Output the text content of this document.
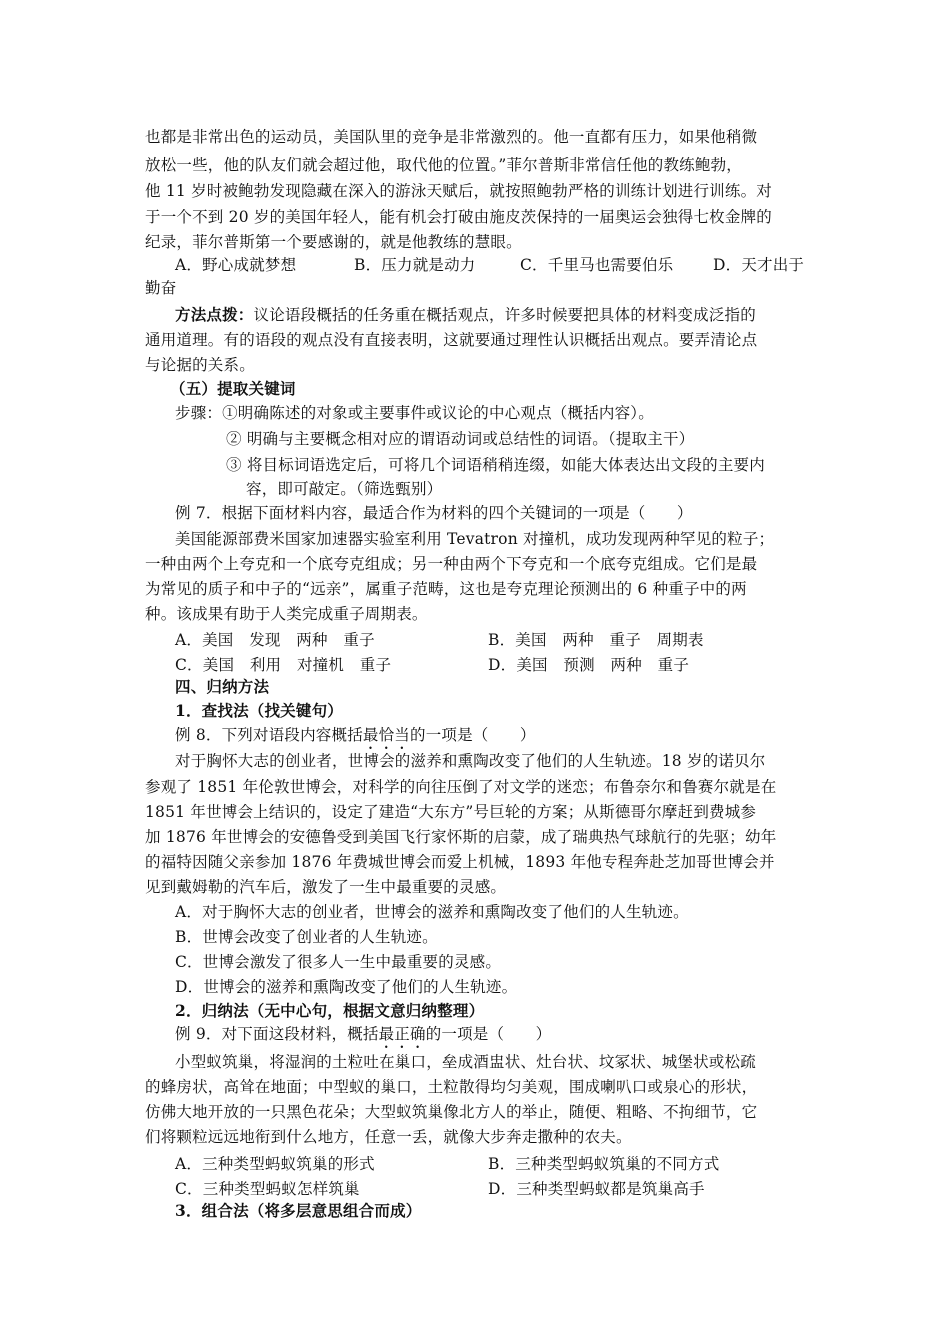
也都是非常出色的运动员，美国队里的竞争是非常激烈的。他一直都有压力，如果他稍微
放松一些，他的队友们就会超过他，取代他的位置。”菲尔普斯非常信任他的教练鲍勃，
他 11 岁时被鲍勃发现隐藏在深入的游泳天赋后，就按照鲍勃严格的训练计划进行训练。对
于一个不到 20 岁的美国年轻人，能有机会打破由施皮茨保持的一届奥运会独得七枚金牌的
纪录，菲尔普斯第一个要感谢的，就是他教练的慧眼。
A．野心成就梦想	B．压力就是动力	C．千里马也需要伯乐	D．天才出于
勤奋
方法点拨：议论语段概括的任务重在概括观点，许多时候要把具体的材料变成泛指的
通用道理。有的语段的观点没有直接表明，这就要通过理性认识概括出观点。要弄清论点
与论据的关系。
（五）提取关键词
步骤：①明确陈述的对象或主要事件或议论的中心观点（概括内容）。
② 明确与主要概念相对应的谓语动词或总结性的词语。（提取主干）
③ 将目标词语选定后，可将几个词语稍稍连缀，如能大体表达出文段的主要内
容，即可敲定。（筛选甄别）
例 7．根据下面材料内容，最适合作为材料的四个关键词的一项是（　　）
美国能源部费米国家加速器实验室利用 Tevatron 对撞机，成功发现两种罕见的粒子；
一种由两个上夸克和一个底夸克组成；另一种由两个下夸克和一个底夸克组成。它们是最
为常见的质子和中子的“远亲”，属重子范畴，这也是夸克理论预测出的 6 种重子中的两
种。该成果有助于人类完成重子周期表。
A．美国　发现　两种　重子	B．美国　两种　重子　周期表
C．美国　利用　对撞机　重子	D．美国　预测　两种　重子
四、归纳方法
1．查找法（找关键句）
例 8．下列对语段内容概括最恰当的一项是（　　）
对于胸怀大志的创业者，世博会的滋养和熏陶改变了他们的人生轨迹。18 岁的诺贝尔
参观了 1851 年伦敦世博会，对科学的向往压倒了对文学的迷恋；布鲁奈尔和鲁赛尔就是在
1851 年世博会上结识的，设定了建造“大东方”号巨轮的方案；从斯德哥尔摩赶到费城参
加 1876 年世博会的安德鲁受到美国飞行家怀斯的启蒙，成了瑞典热气球航行的先驱；幼年
的福特因随父亲参加 1876 年费城世博会而爱上机械，1893 年他专程奔赴芝加哥世博会并
见到戴姆勒的汽车后，激发了一生中最重要的灵感。
A．对于胸怀大志的创业者，世博会的滋养和熏陶改变了他们的人生轨迹。
B．世博会改变了创业者的人生轨迹。
C．世博会激发了很多人一生中最重要的灵感。
D．世博会的滋养和熏陶改变了他们的人生轨迹。
2．归纳法（无中心句，根据文意归纳整理）
例 9．对下面这段材料，概括最正确的一项是（　　）
小型蚁筑巢，将湿润的土粒吐在巢口，垒成酒盅状、灶台状、坟冢状、城堡状或松疏
的蜂房状，高耸在地面；中型蚁的巢口，土粒散得均匀美观，围成喇叭口或泉心的形状，
仿佛大地开放的一只黑色花朵；大型蚁筑巢像北方人的举止，随便、粗略、不拘细节，它
们将颗粒远远地衔到什么地方，任意一丢，就像大步奔走撒种的农夫。
A．三种类型蚂蚁筑巢的形式	B．三种类型蚂蚁筑巢的不同方式
C．三种类型蚂蚁怎样筑巢	D．三种类型蚂蚁都是筑巢高手
3．组合法（将多层意思组合而成）
